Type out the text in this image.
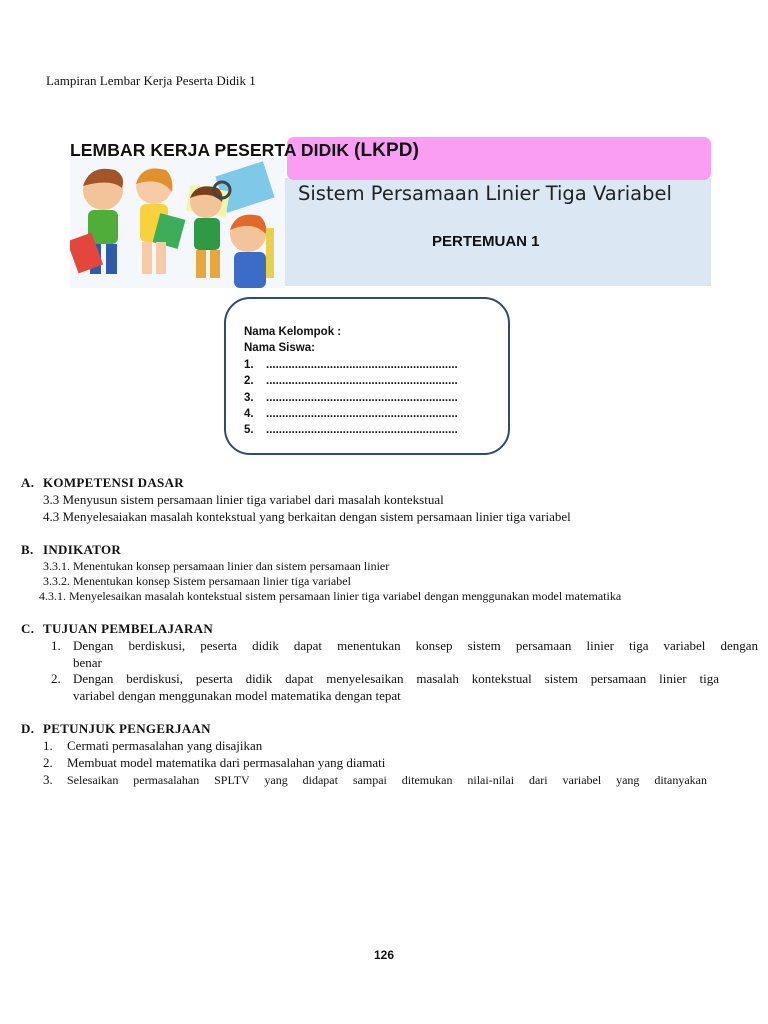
Lampiran Lembar Kerja Peserta Didik 1
LEMBAR KERJA PESERTA DIDIK (LKPD)
Sistem Persamaan Linier Tiga Variabel
PERTEMUAN 1
Nama Kelompok :
Nama Siswa:
1.	............................................................
2.	............................................................
3.	............................................................
4.	............................................................
5.	............................................................
A. KOMPETENSI DASAR
3.3 Menyusun sistem persamaan linier tiga variabel dari masalah kontekstual
4.3 Menyelesaiakan masalah kontekstual yang berkaitan dengan sistem persamaan linier tiga variabel
B. INDIKATOR
3.3.1. Menentukan konsep persamaan linier dan sistem persamaan linier
3.3.2. Menentukan konsep Sistem persamaan linier tiga variabel
4.3.1. Menyelesaikan masalah kontekstual sistem persamaan linier tiga variabel dengan menggunakan model matematika
C. TUJUAN PEMBELAJARAN
1. Dengan berdiskusi, peserta didik dapat menentukan konsep sistem persamaan linier tiga variabel dengan
benar
2. Dengan berdiskusi, peserta didik dapat menyelesaikan masalah kontekstual sistem persamaan linier tiga
variabel dengan menggunakan model matematika dengan tepat
D. PETUNJUK PENGERJAAN
1. Cermati permasalahan yang disajikan
2. Membuat model matematika dari permasalahan yang diamati
3. Selesaikan permasalahan SPLTV yang didapat sampai ditemukan nilai-nilai dari variabel yang ditanyakan
126
